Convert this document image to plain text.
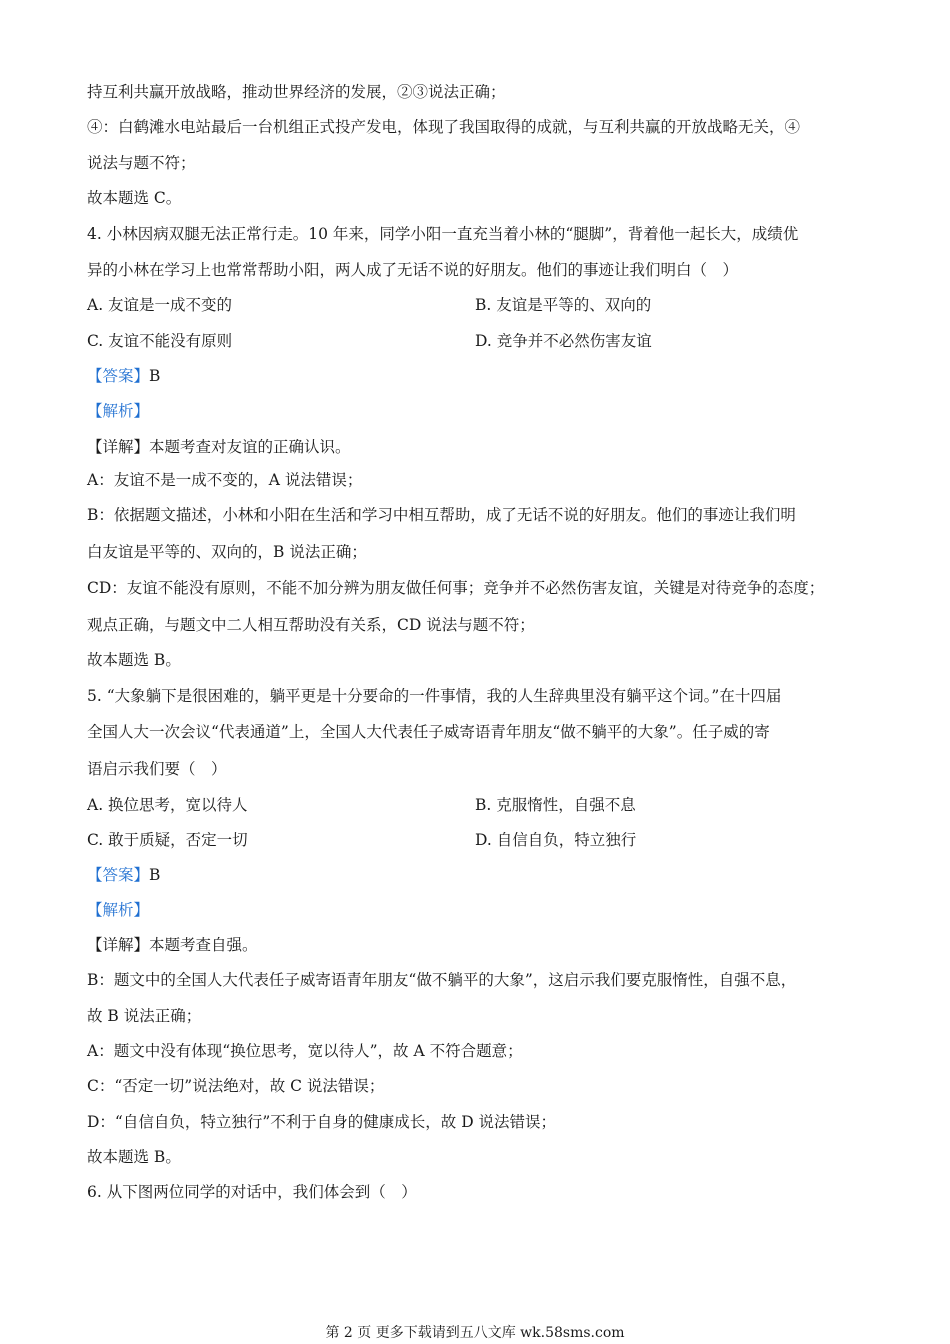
持互利共赢开放战略，推动世界经济的发展，②③说法正确；
④：白鹤滩水电站最后一台机组正式投产发电，体现了我国取得的成就，与互利共赢的开放战略无关，④
说法与题不符；
故本题选 C。
4. 小林因病双腿无法正常行走。10 年来，同学小阳一直充当着小林的“腿脚”，背着他一起长大，成绩优
异的小林在学习上也常常帮助小阳，两人成了无话不说的好朋友。他们的事迹让我们明白（　）
A. 友谊是一成不变的	B. 友谊是平等的、双向的
C. 友谊不能没有原则	D. 竞争并不必然伤害友谊
【答案】B
【解析】
【详解】本题考查对友谊的正确认识。
A：友谊不是一成不变的，A 说法错误；
B：依据题文描述，小林和小阳在生活和学习中相互帮助，成了无话不说的好朋友。他们的事迹让我们明
白友谊是平等的、双向的，B 说法正确；
CD：友谊不能没有原则，不能不加分辨为朋友做任何事；竞争并不必然伤害友谊，关键是对待竞争的态度；
观点正确，与题文中二人相互帮助没有关系，CD 说法与题不符；
故本题选 B。
5. “大象躺下是很困难的，躺平更是十分要命的一件事情，我的人生辞典里没有躺平这个词。”在十四届
全国人大一次会议“代表通道”上，全国人大代表任子威寄语青年朋友“做不躺平的大象”。任子威的寄
语启示我们要（　）
A. 换位思考，宽以待人	B. 克服惰性，自强不息
C. 敢于质疑，否定一切	D. 自信自负，特立独行
【答案】B
【解析】
【详解】本题考查自强。
B：题文中的全国人大代表任子威寄语青年朋友“做不躺平的大象”，这启示我们要克服惰性，自强不息，
故 B 说法正确；
A：题文中没有体现“换位思考，宽以待人”，故 A 不符合题意；
C：“否定一切”说法绝对，故 C 说法错误；
D：“自信自负，特立独行”不利于自身的健康成长，故 D 说法错误；
故本题选 B。
6. 从下图两位同学的对话中，我们体会到（　）
第 2 页 更多下载请到五八文库 wk.58sms.com
